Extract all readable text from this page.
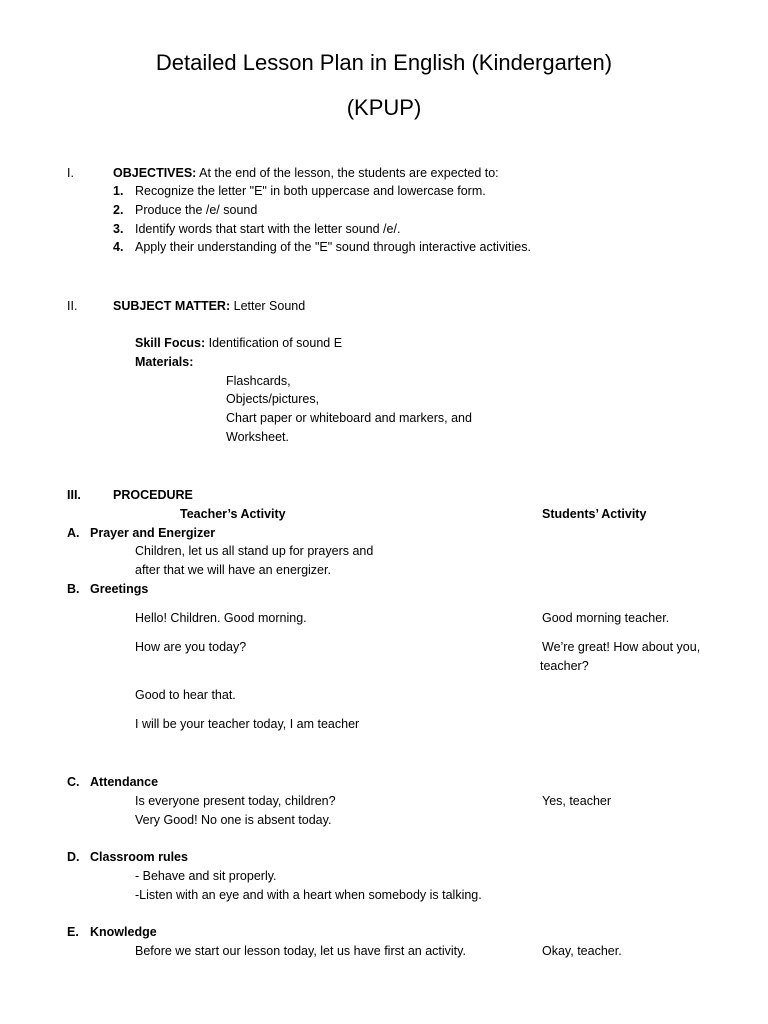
Detailed Lesson Plan in English (Kindergarten)
(KPUP)
I.	OBJECTIVES: At the end of the lesson, the students are expected to:
1. Recognize the letter "E" in both uppercase and lowercase form.
2. Produce the /e/ sound
3. Identify words that start with the letter sound /e/.
4. Apply their understanding of the "E" sound through interactive activities.
II.	SUBJECT MATTER: Letter Sound
Skill Focus: Identification of sound E
Materials:
Flashcards,
Objects/pictures,
Chart paper or whiteboard and markers, and
Worksheet.
III.	PROCEDURE
Teacher’s Activity	Students’ Activity
A. Prayer and Energizer
Children, let us all stand up for prayers and
after that we will have an energizer.
B. Greetings
Hello! Children. Good morning.	Good morning teacher.
How are you today?	We’re great! How about you,
teacher?
Good to hear that.
I will be your teacher today, I am teacher
C. Attendance
Is everyone present today, children?	Yes, teacher
Very Good! No one is absent today.
D. Classroom rules
- Behave and sit properly.
-Listen with an eye and with a heart when somebody is talking.
E. Knowledge
Before we start our lesson today, let us have first an activity.	Okay, teacher.
